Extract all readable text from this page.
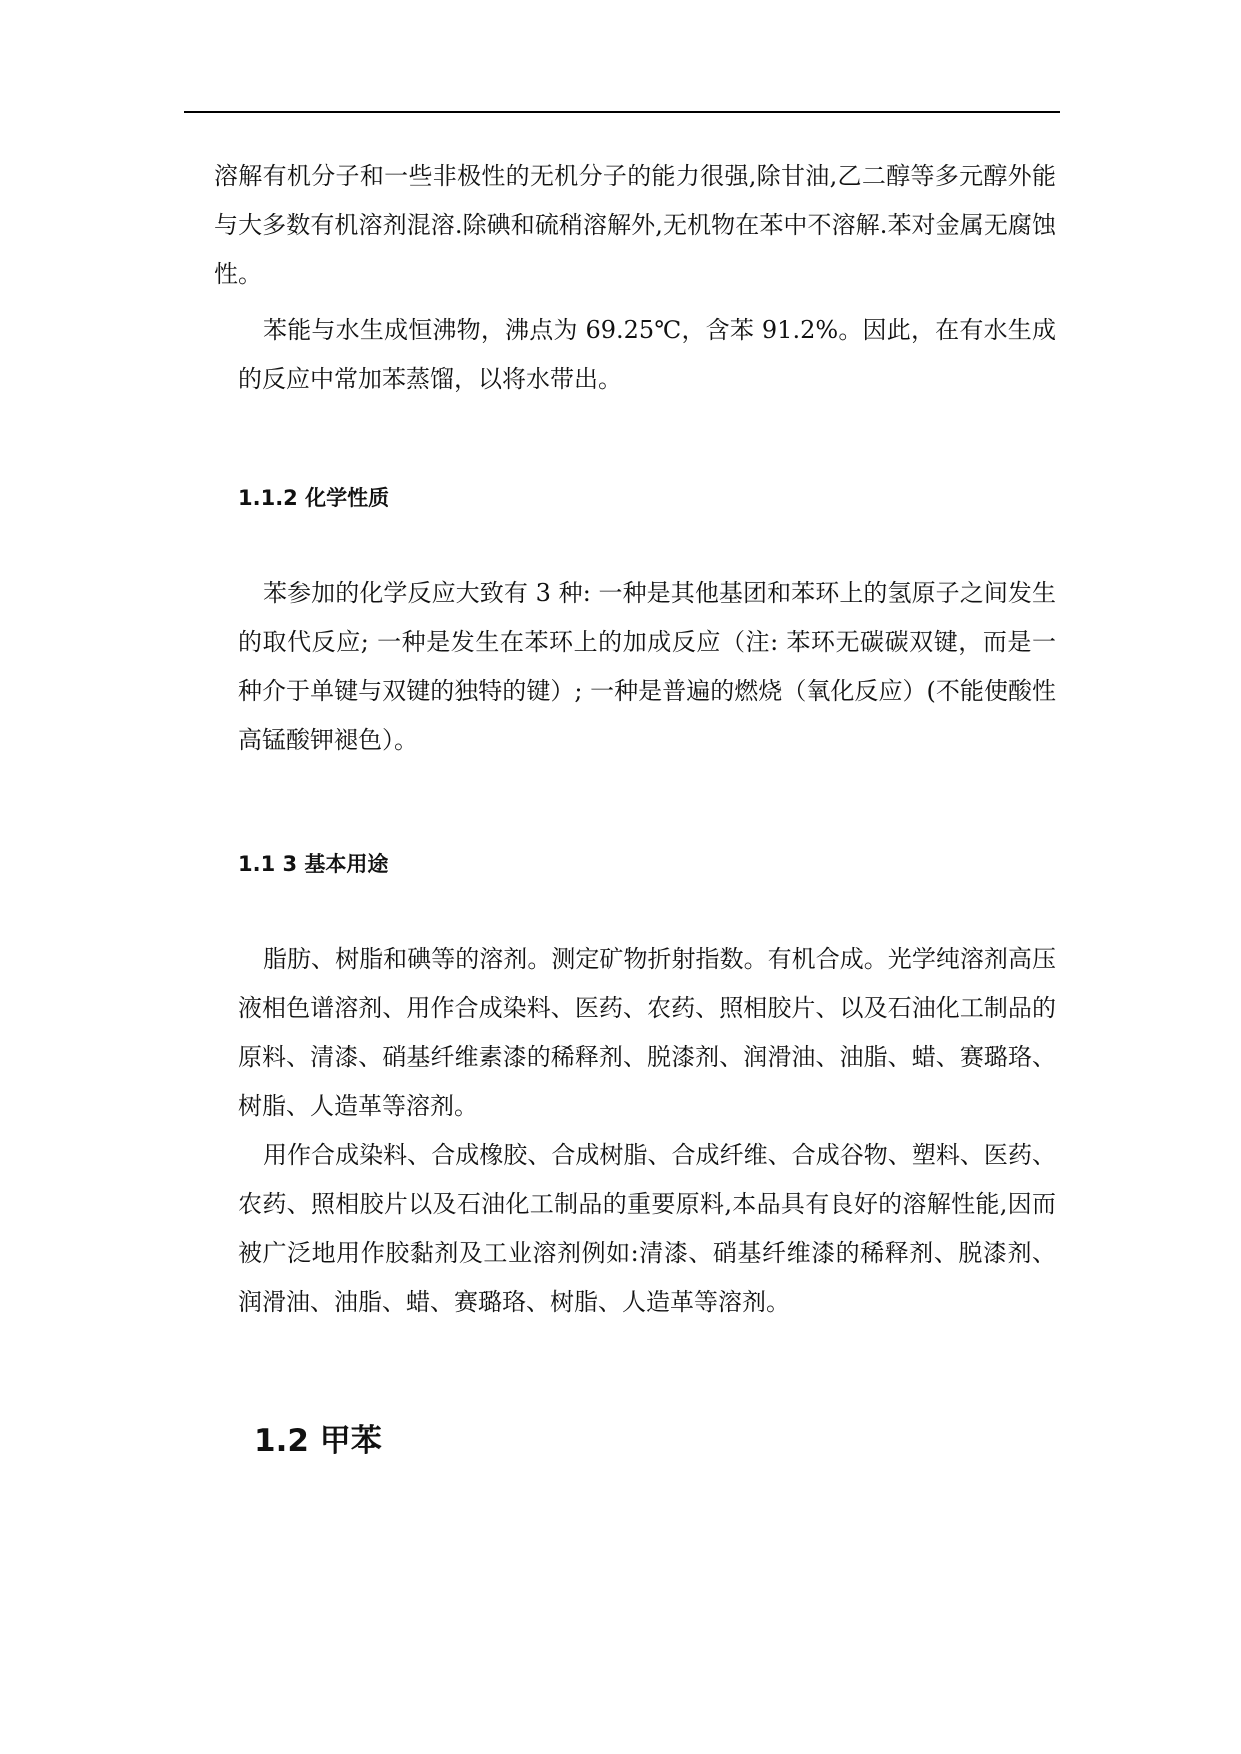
溶解有机分子和一些非极性的无机分子的能力很强,除甘油,乙二醇等多元醇外能与大多数有机溶剂混溶.除碘和硫稍溶解外,无机物在苯中不溶解.苯对金属无腐蚀性。

苯能与水生成恒沸物，沸点为 69.25℃，含苯 91.2%。因此，在有水生成的反应中常加苯蒸馏，以将水带出。

1.1.2 化学性质

苯参加的化学反应大致有 3 种: 一种是其他基团和苯环上的氢原子之间发生的取代反应; 一种是发生在苯环上的加成反应（注: 苯环无碳碳双键，而是一 种介于单键与双键的独特的键）; 一种是普遍的燃烧（氧化反应）(不能使酸性　高锰酸钾褪色）。

1.1 3 基本用途

脂肪、树脂和碘等的溶剂。测定矿物折射指数。有机合成。光学纯溶剂高压液相色谱溶剂、用作合成染料、医药、农药、照相胶片、以及石油化工制品的原料、清漆、硝基纤维素漆的稀释剂、脱漆剂、润滑油、油脂、蜡、赛璐珞、树脂、人造革等溶剂。

用作合成染料、合成橡胶、合成树脂、合成纤维、合成谷物、塑料、医药、农药、照相胶片以及石油化工制品的重要原料,本品具有良好的溶解性能,因而被广泛地用作胶黏剂及工业溶剂例如:清漆、硝基纤维漆的稀释剂、脱漆剂、润滑油、油脂、蜡、赛璐珞、树脂、人造革等溶剂。

1.2 甲苯
